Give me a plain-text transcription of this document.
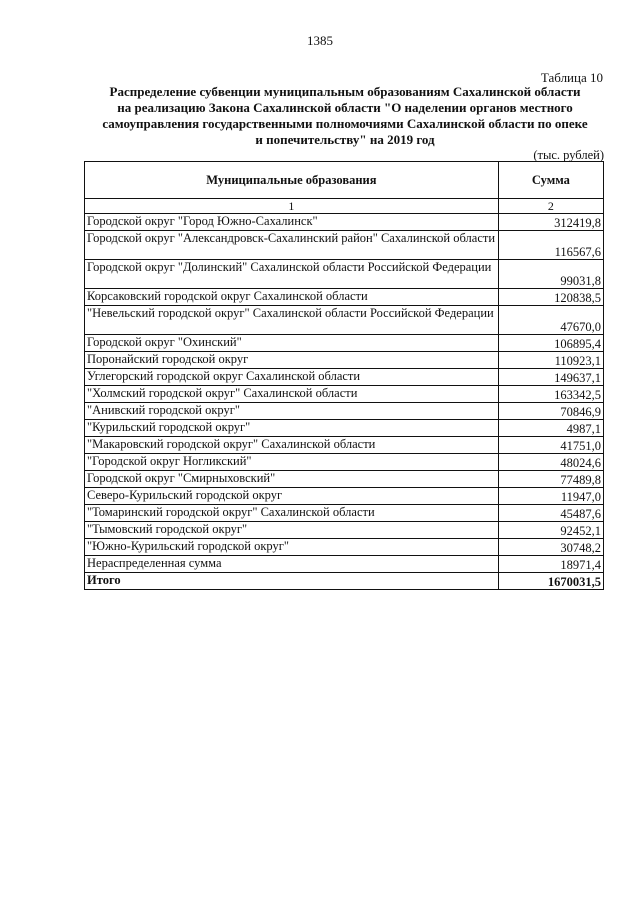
1385
Таблица 10
Распределение субвенции муниципальным образованиям Сахалинской области
на реализацию Закона Сахалинской области "О наделении органов местного
самоуправления государственными полномочиями Сахалинской области по опеке
и попечительству" на 2019 год
(тыс. рублей)
Муниципальные образования	Сумма
1	2
Городской округ "Город Южно-Сахалинск"	312419,8
Городской округ "Александровск-Сахалинский район" Сахалинской области	116567,6
Городской округ "Долинский" Сахалинской области Российской Федерации	99031,8
Корсаковский городской округ Сахалинской области	120838,5
"Невельский городской округ" Сахалинской области Российской Федерации	47670,0
Городской округ "Охинский"	106895,4
Поронайский городской округ	110923,1
Углегорский городской округ Сахалинской области	149637,1
"Холмский городской округ" Сахалинской области	163342,5
"Анивский городской округ"	70846,9
"Курильский городской округ"	4987,1
"Макаровский городской округ" Сахалинской области	41751,0
"Городской округ Ногликский"	48024,6
Городской округ "Смирныховский"	77489,8
Северо-Курильский городской округ	11947,0
"Томаринский городской округ" Сахалинской области	45487,6
"Тымовский городской округ"	92452,1
"Южно-Курильский городской округ"	30748,2
Нераспределенная сумма	18971,4
Итого	1670031,5
